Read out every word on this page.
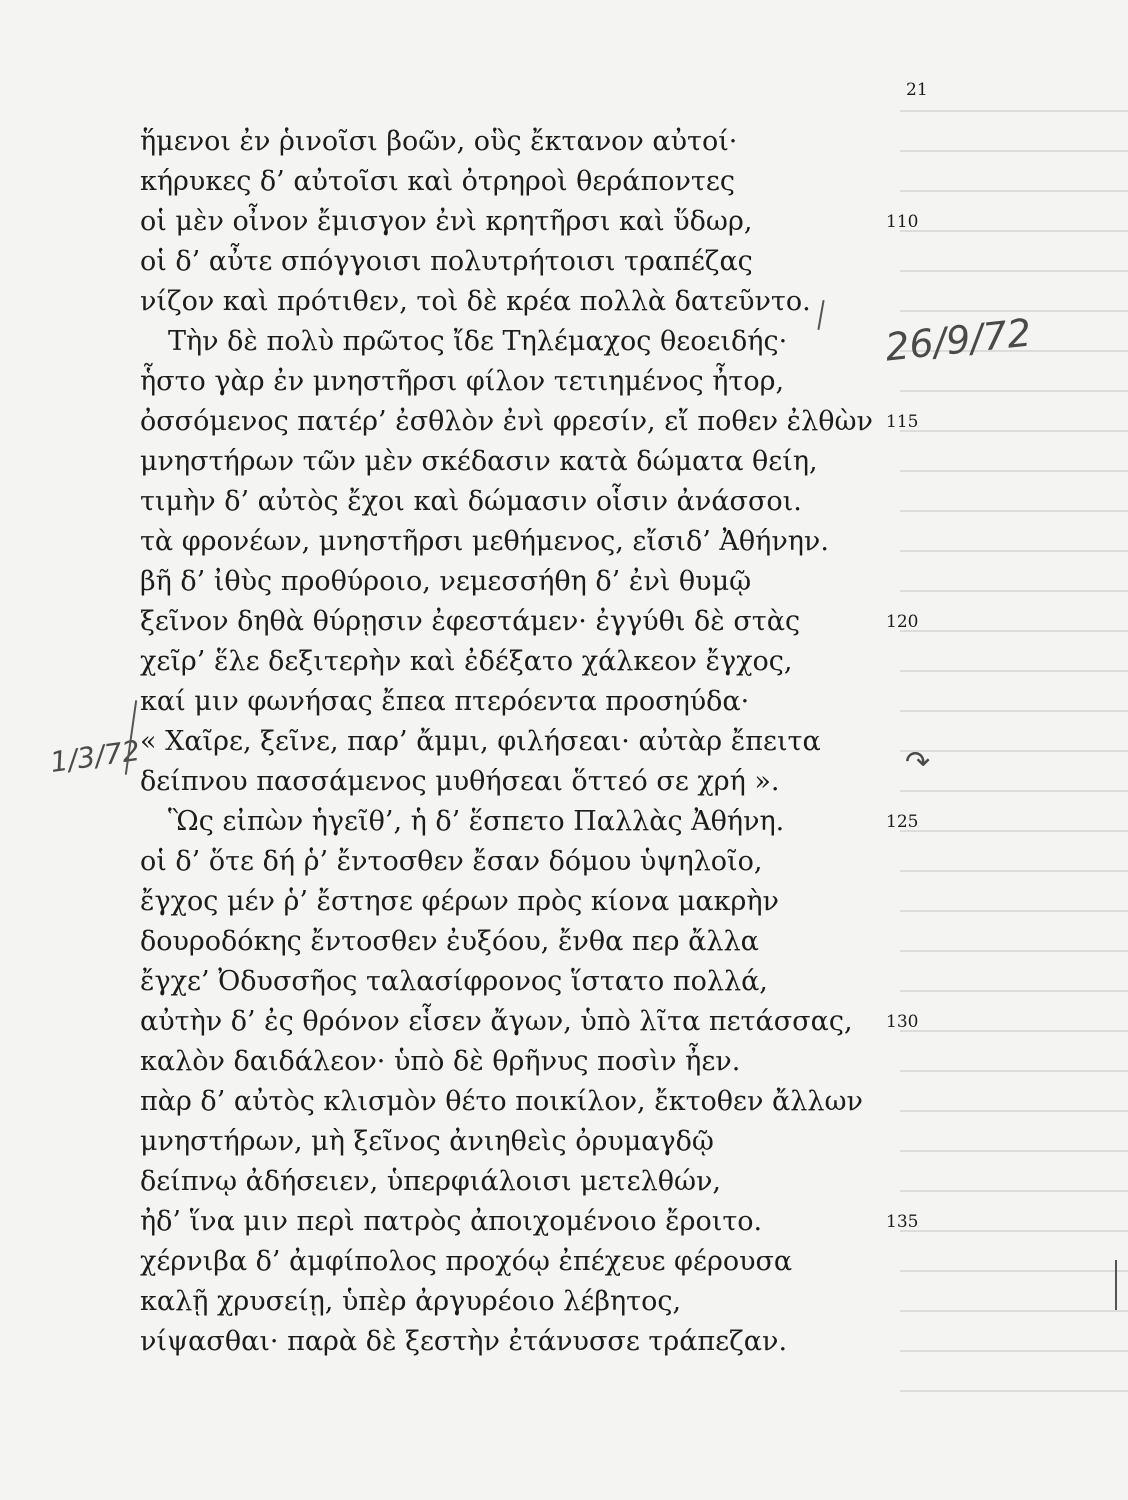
21
ἥμενοι ἐν ῥινοῖσι βοῶν, οὓς ἔκτανον αὐτοί·
κήρυκες δ’ αὐτοῖσι καὶ ὀτρηροὶ θεράποντες
οἱ μὲν οἶνον ἔμισγον ἐνὶ κρητῆρσι καὶ ὕδωρ,	110
οἱ δ’ αὖτε σπόγγοισι πολυτρήτοισι τραπέζας
νίζον καὶ πρότιθεν, τοὶ δὲ κρέα πολλὰ δατεῦντο.
Τὴν δὲ πολὺ πρῶτος ἴδε Τηλέμαχος θεοειδής·
ἧστο γὰρ ἐν μνηστῆρσι φίλον τετιημένος ἦτορ,
ὀσσόμενος πατέρ’ ἐσθλὸν ἐνὶ φρεσίν, εἴ ποθεν ἐλθὼν 115
μνηστήρων τῶν μὲν σκέδασιν κατὰ δώματα θείη,
τιμὴν δ’ αὐτὸς ἔχοι καὶ δώμασιν οἷσιν ἀνάσσοι.
τὰ φρονέων, μνηστῆρσι μεθήμενος, εἴσιδ’ Ἀθήνην.
βῆ δ’ ἰθὺς προθύροιο, νεμεσσήθη δ’ ἐνὶ θυμῷ
ξεῖνον δηθὰ θύρῃσιν ἐφεστάμεν· ἐγγύθι δὲ στὰς	120
χεῖρ’ ἕλε δεξιτερὴν καὶ ἐδέξατο χάλκεον ἔγχος,
καί μιν φωνήσας ἔπεα πτερόεντα προσηύδα·
« Χαῖρε, ξεῖνε, παρ’ ἄμμι, φιλήσεαι· αὐτὰρ ἔπειτα
δείπνου πασσάμενος μυθήσεαι ὅττεό σε χρή ».
Ὣς εἰπὼν ἡγεῖθ’, ἡ δ’ ἕσπετο Παλλὰς Ἀθήνη.	125
οἱ δ’ ὅτε δή ῥ’ ἔντοσθεν ἔσαν δόμου ὑψηλοῖο,
ἔγχος μέν ῥ’ ἔστησε φέρων πρὸς κίονα μακρὴν
δουροδόκης ἔντοσθεν ἐυξόου, ἔνθα περ ἄλλα
ἔγχε’ Ὀδυσσῆος ταλασίφρονος ἵστατο πολλά,
αὐτὴν δ’ ἐς θρόνον εἷσεν ἄγων, ὑπὸ λῖτα πετάσσας, 130
καλὸν δαιδάλεον· ὑπὸ δὲ θρῆνυς ποσὶν ἦεν.
πὰρ δ’ αὐτὸς κλισμὸν θέτο ποικίλον, ἔκτοθεν ἄλλων
μνηστήρων, μὴ ξεῖνος ἀνιηθεὶς ὀρυμαγδῷ
δείπνῳ ἀδήσειεν, ὑπερφιάλοισι μετελθών,
ἠδ’ ἵνα μιν περὶ πατρὸς ἀποιχομένοιο ἔροιτο.	135
χέρνιβα δ’ ἀμφίπολος προχόῳ ἐπέχευε φέρουσα
καλῇ χρυσείῃ, ὑπὲρ ἀργυρέοιο λέβητος,
νίψασθαι· παρὰ δὲ ξεστὴν ἐτάνυσσε τράπεζαν.
26/9/72
1/3/72	↷
